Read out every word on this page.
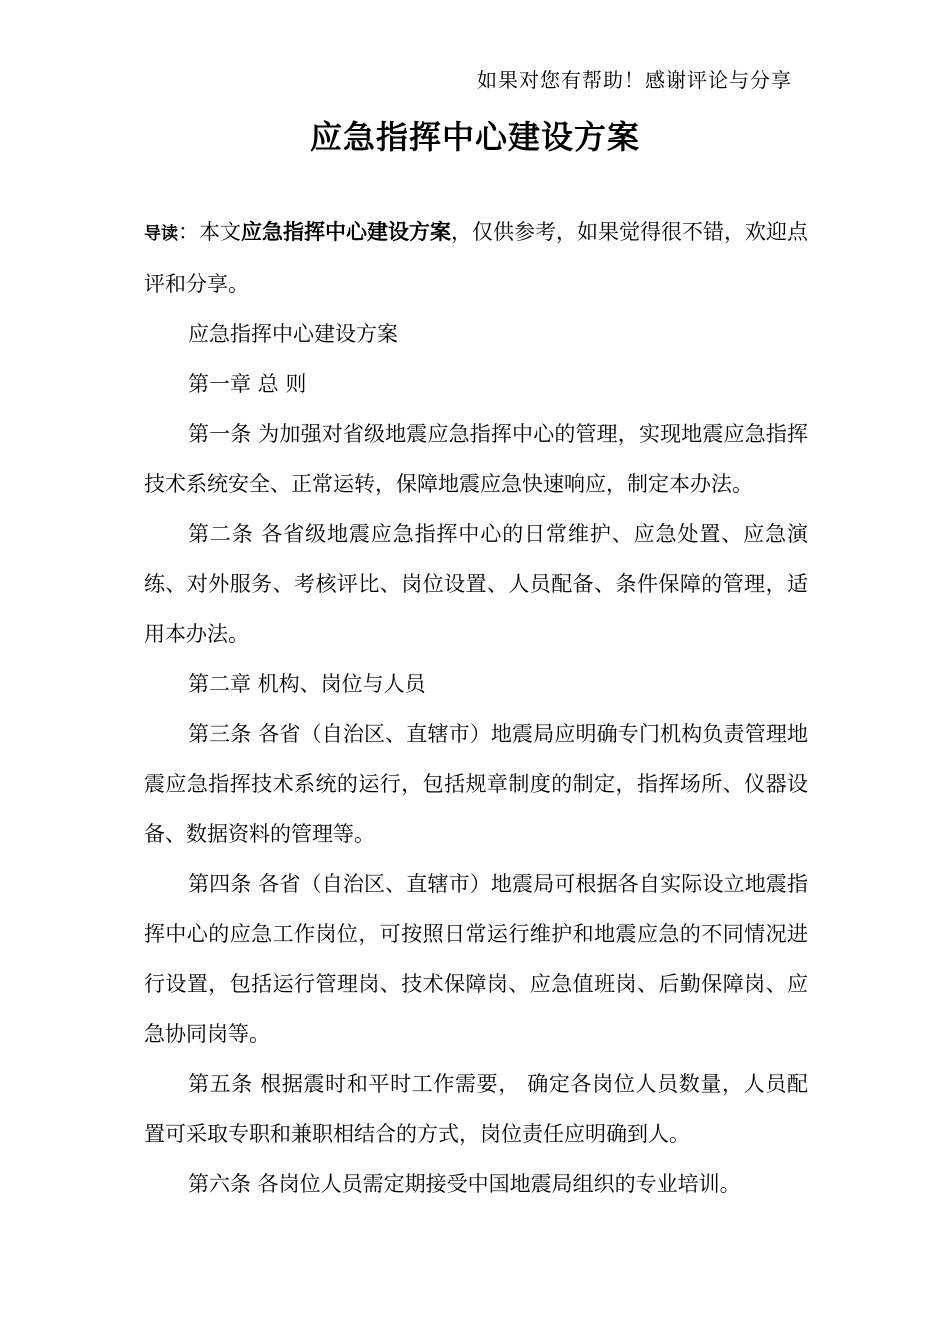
如果对您有帮助！感谢评论与分享
应急指挥中心建设方案

导读：本文应急指挥中心建设方案，仅供参考，如果觉得很不错，欢迎点评和分享。

应急指挥中心建设方案

第一章 总 则

第一条 为加强对省级地震应急指挥中心的管理，实现地震应急指挥技术系统安全、正常运转，保障地震应急快速响应，制定本办法。

第二条 各省级地震应急指挥中心的日常维护、应急处置、应急演练、对外服务、考核评比、岗位设置、人员配备、条件保障的管理，适用本办法。

第二章 机构、岗位与人员

第三条 各省（自治区、直辖市）地震局应明确专门机构负责管理地震应急指挥技术系统的运行，包括规章制度的制定，指挥场所、仪器设备、数据资料的管理等。

第四条 各省（自治区、直辖市）地震局可根据各自实际设立地震指挥中心的应急工作岗位，可按照日常运行维护和地震应急的不同情况进行设置，包括运行管理岗、技术保障岗、应急值班岗、后勤保障岗、应急协同岗等。

第五条 根据震时和平时工作需要， 确定各岗位人员数量，人员配置可采取专职和兼职相结合的方式，岗位责任应明确到人。

第六条 各岗位人员需定期接受中国地震局组织的专业培训。
